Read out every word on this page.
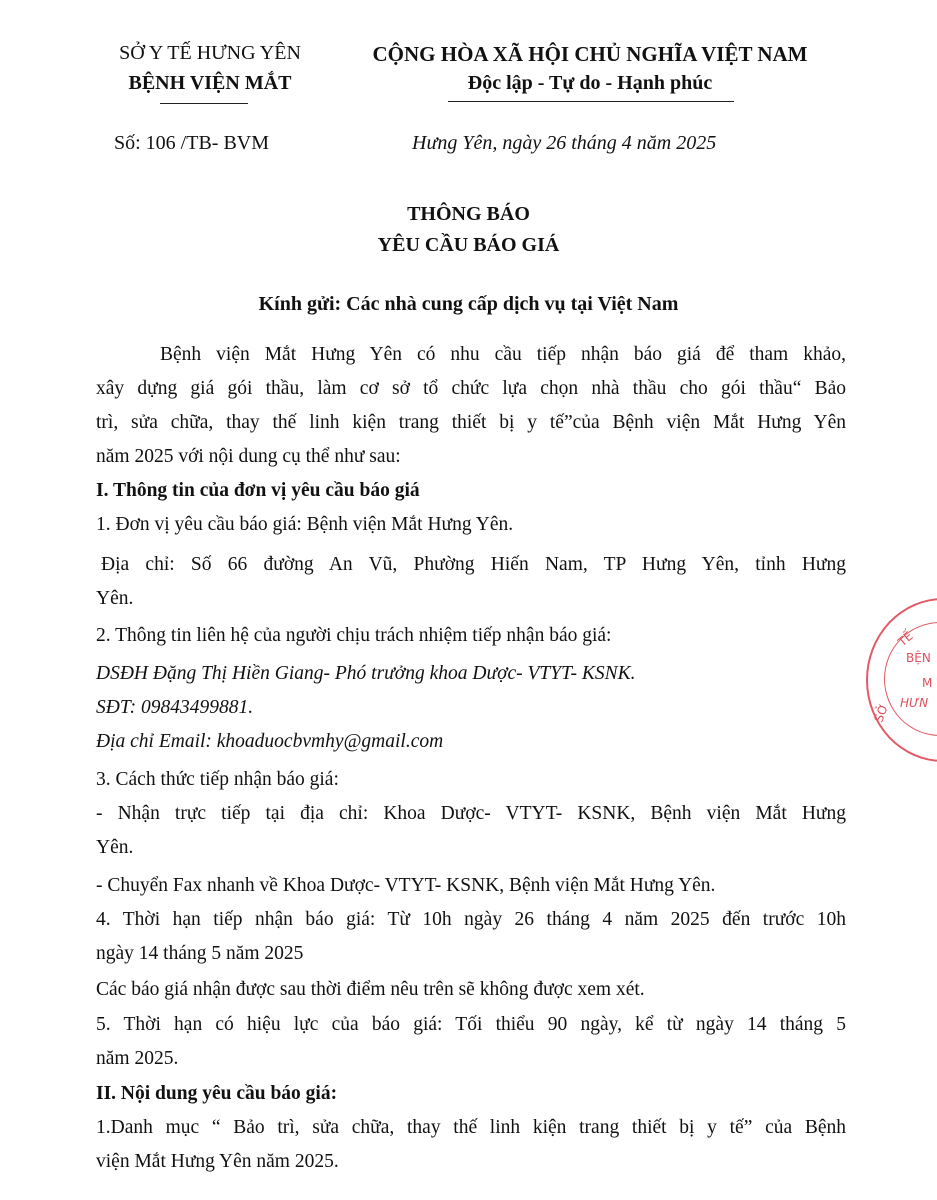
SỞ Y TẾ HƯNG YÊN
BỆNH VIỆN MẮT
CỘNG HÒA XÃ HỘI CHỦ NGHĨA VIỆT NAM
Độc lập - Tự do - Hạnh phúc
Số: 106 /TB- BVM	Hưng Yên, ngày 26 tháng 4 năm 2025
THÔNG BÁO
YÊU CẦU BÁO GIÁ
Kính gửi: Các nhà cung cấp dịch vụ tại Việt Nam
Bệnh viện Mắt Hưng Yên có nhu cầu tiếp nhận báo giá để tham khảo,
xây dựng giá gói thầu, làm cơ sở tổ chức lựa chọn nhà thầu cho gói thầu“ Bảo
trì, sửa chữa, thay thế linh kiện trang thiết bị y tế”của Bệnh viện Mắt Hưng Yên
năm 2025 với nội dung cụ thể như sau:
I. Thông tin của đơn vị yêu cầu báo giá
1. Đơn vị yêu cầu báo giá: Bệnh viện Mắt Hưng Yên.
Địa chỉ: Số 66 đường An Vũ, Phường Hiến Nam, TP Hưng Yên, tỉnh Hưng
Yên.
2. Thông tin liên hệ của người chịu trách nhiệm tiếp nhận báo giá:
DSĐH Đặng Thị Hiền Giang- Phó trưởng khoa Dược- VTYT- KSNK.
SĐT: 09843499881.
Địa chỉ Email: khoaduocbvmhy@gmail.com
3. Cách thức tiếp nhận báo giá:
- Nhận trực tiếp tại địa chỉ: Khoa Dược- VTYT- KSNK, Bệnh viện Mắt Hưng
Yên.
- Chuyển Fax nhanh về Khoa Dược- VTYT- KSNK, Bệnh viện Mắt Hưng Yên.
4. Thời hạn tiếp nhận báo giá: Từ 10h ngày 26 tháng 4 năm 2025 đến trước 10h
ngày 14 tháng 5 năm 2025
Các báo giá nhận được sau thời điểm nêu trên sẽ không được xem xét.
5. Thời hạn có hiệu lực của báo giá: Tối thiểu 90 ngày, kể từ ngày 14 tháng 5
năm 2025.
II. Nội dung yêu cầu báo giá:
1.Danh mục “ Bảo trì, sửa chữa, thay thế linh kiện trang thiết bị y tế” của Bệnh
viện Mắt Hưng Yên năm 2025.
TẾ
BỆN
M
HƯN
SỞ
